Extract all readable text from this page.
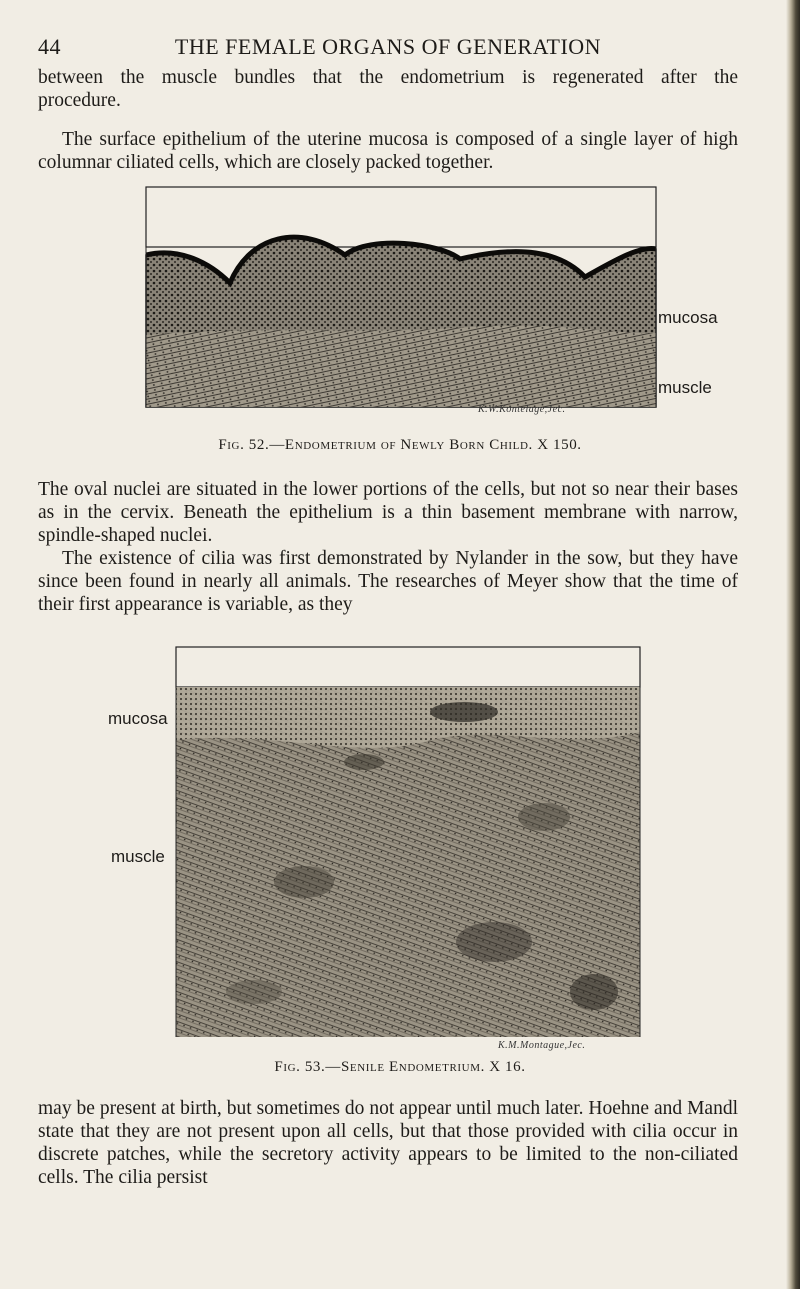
44	THE FEMALE ORGANS OF GENERATION

between the muscle bundles that the endometrium is regenerated after the

procedure.

The surface epithelium of the uterine mucosa is composed of a single layer of high columnar ciliated cells, which are closely packed together.

mucosa
muscle
K.W.Kontelage,Jec.
Fig. 52.—Endometrium of Newly Born Child. X 150.

The oval nuclei are situated in the lower portions of the cells, but not so near their bases as in the cervix. Beneath the epithelium is a thin basement membrane with narrow, spindle-shaped nuclei.

The existence of cilia was first demonstrated by Nylander in the sow, but they have since been found in nearly all animals. The researches of Meyer show that the time of their first appearance is variable, as they

mucosa
muscle
K.M.Montague,Jec.
Fig. 53.—Senile Endometrium. X 16.

may be present at birth, but sometimes do not appear until much later. Hoehne and Mandl state that they are not present upon all cells, but that those provided with cilia occur in discrete patches, while the secretory activity appears to be limited to the non-ciliated cells. The cilia persist
